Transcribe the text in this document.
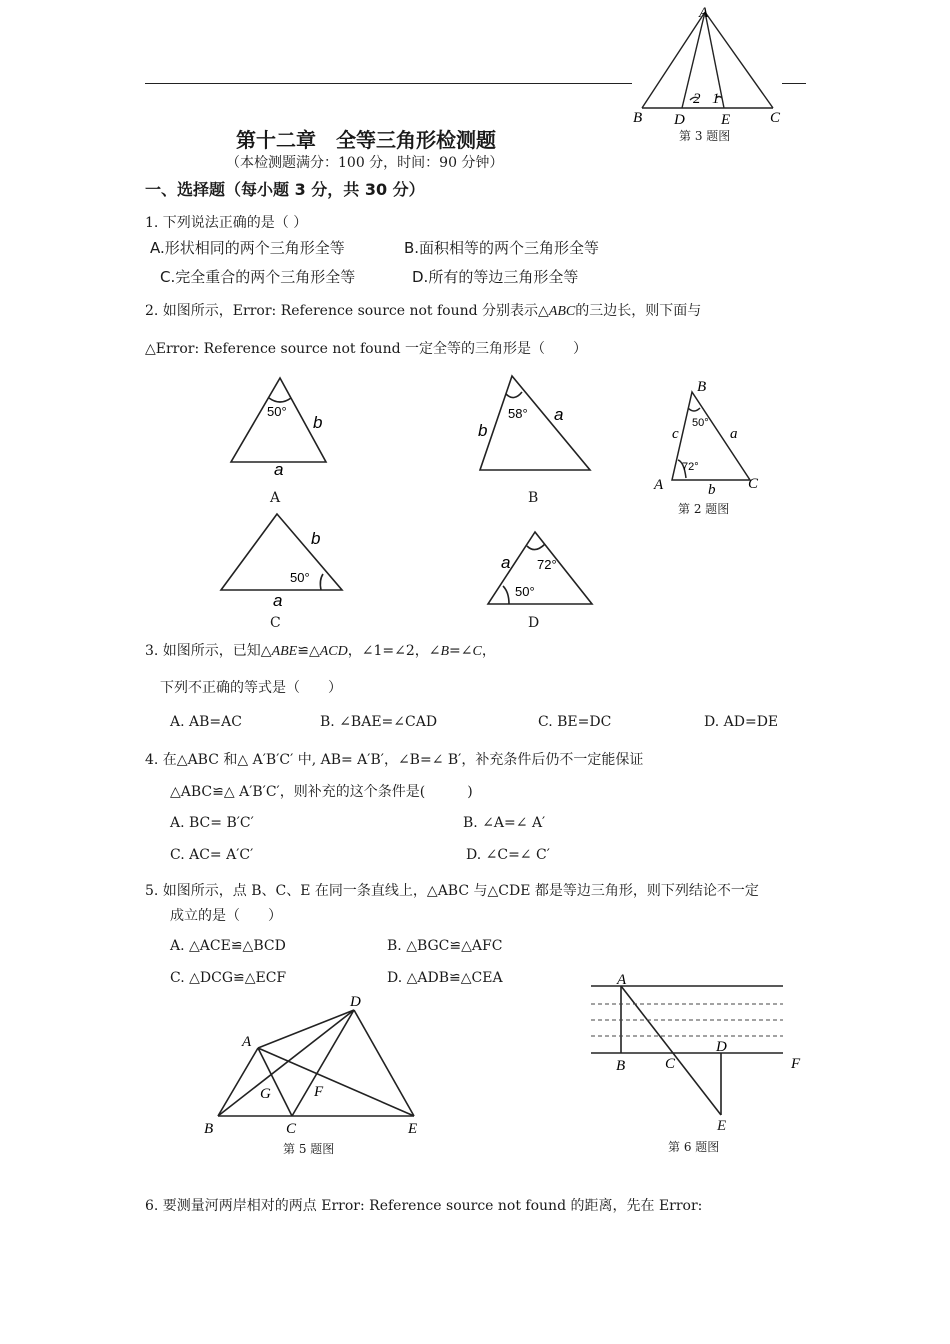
A
B	C
D E
2 1
第 3 题图
第十二章　全等三角形检测题
（本检测题满分：100 分，时间：90 分钟）
一、选择题（每小题 3 分，共 30 分）
1. 下列说法正确的是（ ）
A.形状相同的两个三角形全等	B.面积相等的两个三角形全等
C.完全重合的两个三角形全等	D.所有的等边三角形全等
2. 如图所示，Error: Reference source not found 分别表示△ABC的三边长，则下面与
△Error: Reference source not found 一定全等的三角形是（　　）
50°
b
a
A
58°
b
a
B
B
A	C
c	a
b
50°
72°
第 2 题图
50°
b
a
C
72°
50°
a
D
3. 如图所示，已知△ABE≌△ACD，∠1=∠2，∠B=∠C，
下列不正确的等式是（　　）
A. AB=AC	B. ∠BAE=∠CAD	C. BE=DC	D. AD=DE
4. 在△ABC 和△ A′B′C′ 中, AB= A′B′，∠B=∠ B′，补充条件后仍不一定能保证
△ABC≌△ A′B′C′，则补充的这个条件是(　　　)
A. BC= B′C′	B. ∠A=∠ A′
C. AC= A′C′	D. ∠C=∠ C′
5. 如图所示，点 B、C、E 在同一条直线上，△ABC 与△CDE 都是等边三角形，则下列结论不一定
成立的是（　　）
A. △ACE≌△BCD	B. △BGC≌△AFC
C. △DCG≌△ECF	D. △ADB≌△CEA
A
B	C
D
E
F
G
第 5 题图
A
B	C
D
F
E
第 6 题图
6. 要测量河两岸相对的两点 Error: Reference source not found 的距离，先在 Error:
